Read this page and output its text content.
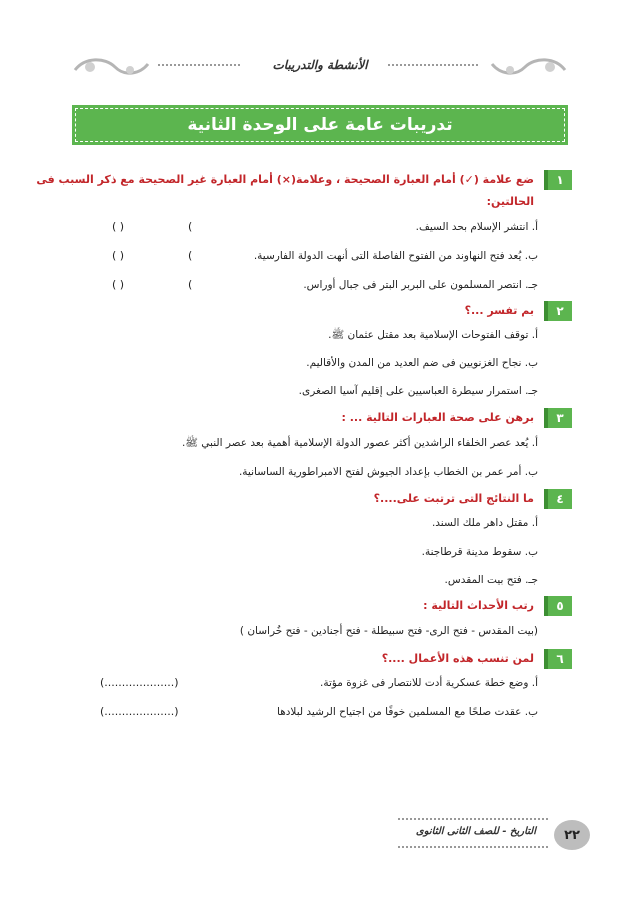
الأنشطة والتدريبات
تدريبات عامة على الوحدة الثانية
١
ضع علامة (✓) أمام العبارة الصحيحة ، وعلامة(×) أمام العبارة غير الصحيحة مع ذكر السبب فى
الحالتين:
أ. انتشر الإسلام بحد السيف.
( )	(
ب. يُعد فتح النهاوند من الفتوح الفاصلة التى أنهت الدولة الفارسية.
( )	(
جـ. انتصر المسلمون على البربر البتر فى جبال أوراس.
( )	(
٢
بم تفسر ...؟
أ. توقف الفتوحات الإسلامية بعد مقتل عثمان ﷺ.
ب. نجاح الغزنويين فى ضم العديد من المدن والأقاليم.
جـ. استمرار سيطرة العباسيين على إقليم آسيا الصغرى.
٣
برهن على صحة العبارات التالية ... :
أ. يُعد عصر الخلفاء الراشدين أكثر عصور الدولة الإسلامية أهمية بعد عصر النبي ﷺ.
ب. أمر عمر بن الخطاب بإعداد الجيوش لفتح الامبراطورية الساسانية.
٤
ما النتائج التى ترتبت على....؟
أ. مقتل داهر ملك السند.
ب. سقوط مدينة قرطاجنة.
جـ. فتح بيت المقدس.
٥
رتب الأحداث التالية :
(بيت المقدس - فتح الرى- فتح سبيطلة - فتح أجنادين - فتح خُراسان )
٦
لمن تنسب هذه الأعمال ....؟
أ. وضع خطة عسكرية أدت للانتصار فى غزوة مؤتة.
(....................)
ب. عقدت صلحًا مع المسلمين خوفًا من اجتياح الرشيد لبلادها
(....................)
التاريخ - للصف الثانى الثانوى	٢٢
